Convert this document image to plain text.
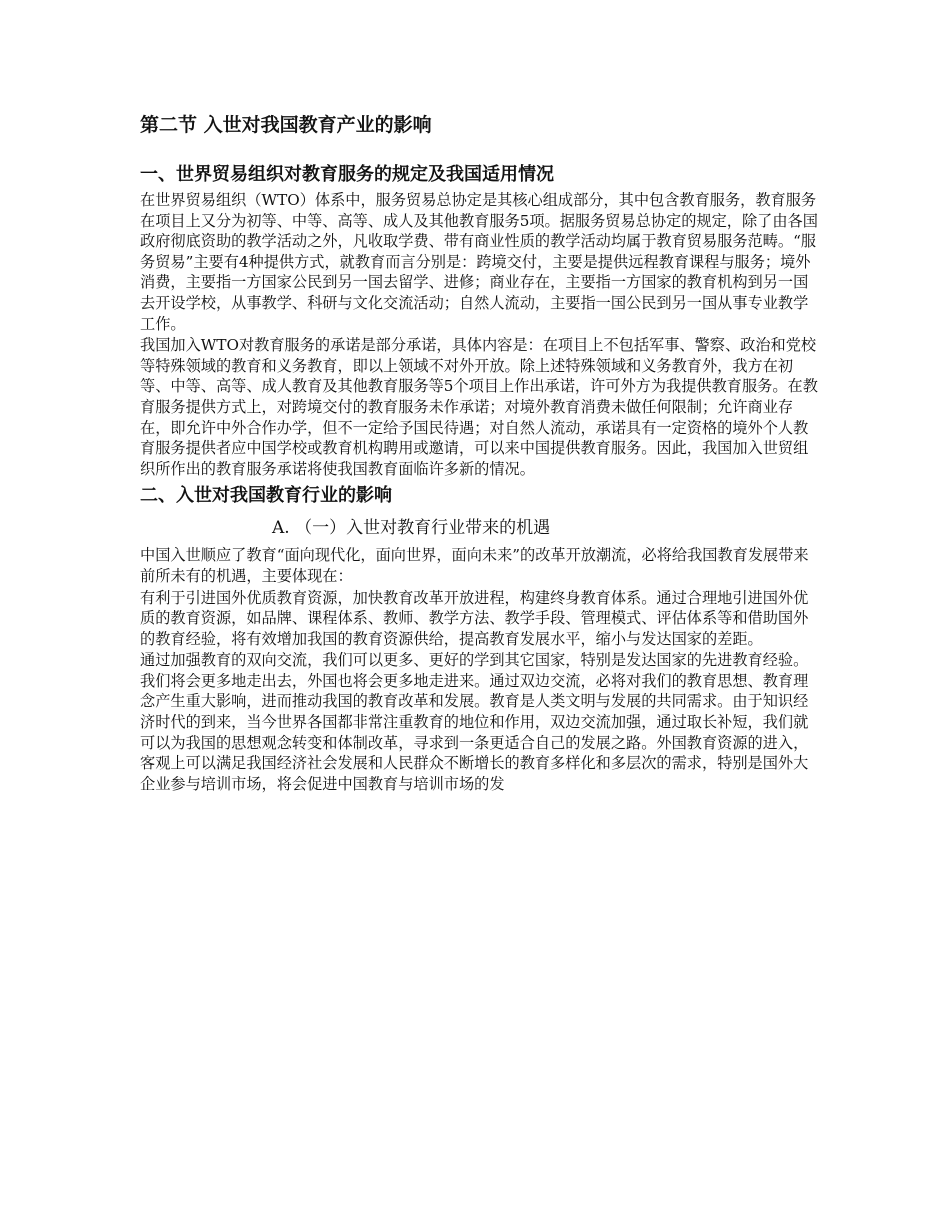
第二节 入世对我国教育产业的影响
一、世界贸易组织对教育服务的规定及我国适用情况

在世界贸易组织（WTO）体系中，服务贸易总协定是其核心组成部分，其中包含教育服务，教育服务在项目上又分为初等、中等、高等、成人及其他教育服务5项。据服务贸易总协定的规定，除了由各国政府彻底资助的教学活动之外，凡收取学费、带有商业性质的教学活动均属于教育贸易服务范畴。“服务贸易”主要有4种提供方式，就教育而言分别是：跨境交付，主要是提供远程教育课程与服务；境外消费，主要指一方国家公民到另一国去留学、进修；商业存在，主要指一方国家的教育机构到另一国去开设学校，从事教学、科研与文化交流活动；自然人流动，主要指一国公民到另一国从事专业教学工作。

我国加入WTO对教育服务的承诺是部分承诺，具体内容是：在项目上不包括军事、警察、政治和党校等特殊领域的教育和义务教育，即以上领域不对外开放。除上述特殊领域和义务教育外，我方在初等、中等、高等、成人教育及其他教育服务等5个项目上作出承诺，许可外方为我提供教育服务。在教育服务提供方式上，对跨境交付的教育服务未作承诺；对境外教育消费未做任何限制；允许商业存在，即允许中外合作办学，但不一定给予国民待遇；对自然人流动，承诺具有一定资格的境外个人教育服务提供者应中国学校或教育机构聘用或邀请，可以来中国提供教育服务。因此，我国加入世贸组织所作出的教育服务承诺将使我国教育面临许多新的情况。

二、入世对我国教育行业的影响
A. （一）入世对教育行业带来的机遇

中国入世顺应了教育“面向现代化，面向世界，面向未来”的改革开放潮流，必将给我国教育发展带来前所未有的机遇，主要体现在：

有利于引进国外优质教育资源，加快教育改革开放进程，构建终身教育体系。通过合理地引进国外优质的教育资源，如品牌、课程体系、教师、教学方法、教学手段、管理模式、评估体系等和借助国外的教育经验，将有效增加我国的教育资源供给，提高教育发展水平，缩小与发达国家的差距。

通过加强教育的双向交流，我们可以更多、更好的学到其它国家，特别是发达国家的先进教育经验。我们将会更多地走出去，外国也将会更多地走进来。通过双边交流，必将对我们的教育思想、教育理念产生重大影响，进而推动我国的教育改革和发展。教育是人类文明与发展的共同需求。由于知识经济时代的到来，当今世界各国都非常注重教育的地位和作用，双边交流加强，通过取长补短，我们就可以为我国的思想观念转变和体制改革，寻求到一条更适合自己的发展之路。外国教育资源的进入，客观上可以满足我国经济社会发展和人民群众不断增长的教育多样化和多层次的需求，特别是国外大企业参与培训市场，将会促进中国教育与培训市场的发
